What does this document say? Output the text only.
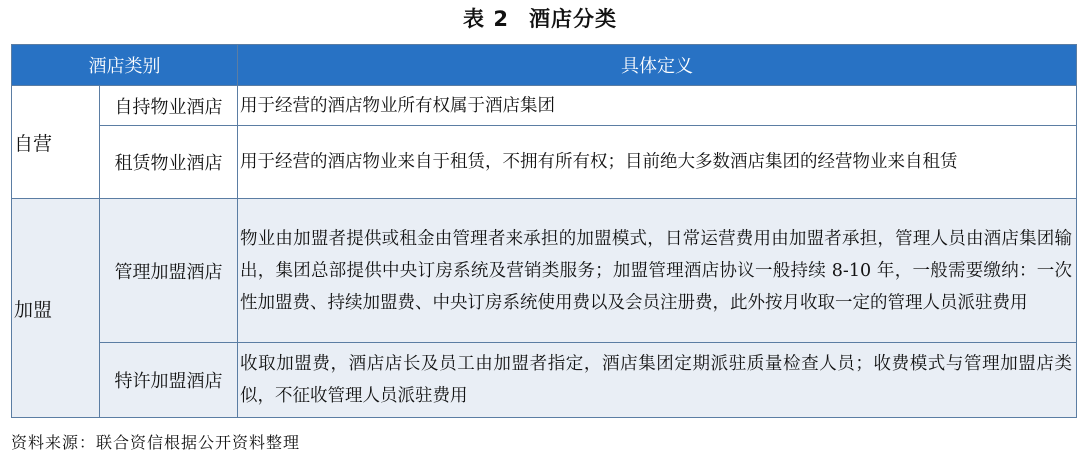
表 2 酒店分类
酒店类别		具体定义
自营	自持物业酒店	用于经营的酒店物业所有权属于酒店集团
	租赁物业酒店	用于经营的酒店物业来自于租赁，不拥有所有权；目前绝大多数酒店集团的经营物业来自租赁
加盟	管理加盟酒店	物业由加盟者提供或租金由管理者来承担的加盟模式，日常运营费用由加盟者承担，管理人员由酒店集团输出，集团总部提供中央订房系统及营销类服务；加盟管理酒店协议一般持续 8-10 年，一般需要缴纳：一次性加盟费、持续加盟费、中央订房系统使用费以及会员注册费，此外按月收取一定的管理人员派驻费用
	特许加盟酒店	收取加盟费，酒店店长及员工由加盟者指定，酒店集团定期派驻质量检查人员；收费模式与管理加盟店类似，不征收管理人员派驻费用
资料来源：联合资信根据公开资料整理
